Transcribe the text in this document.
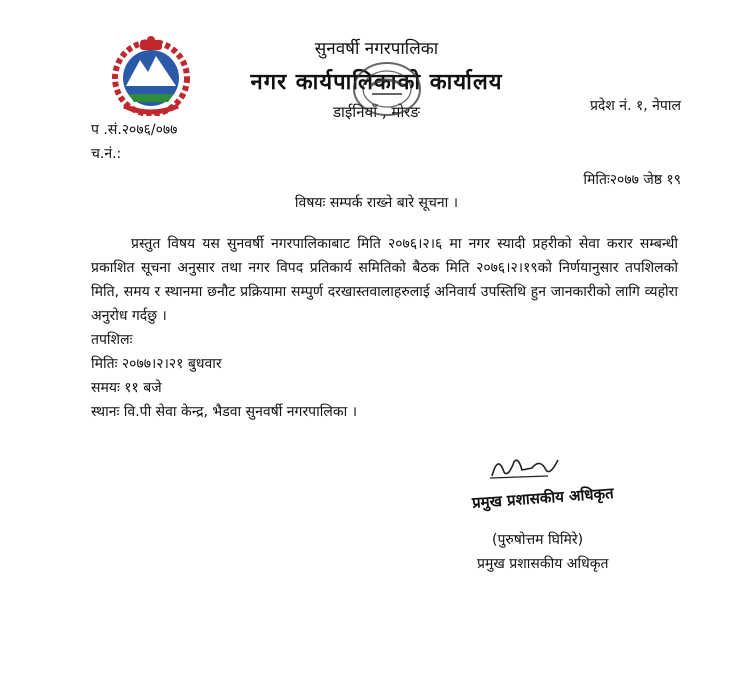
सुनवर्षी नगरपालिका
नगर कार्यपालिकाको कार्यालय
डाईनियाँ , मोरङ	प्रदेश नं. १, नेपाल
प .सं.२०७६/०७७
च.नं.:
मितिः२०७७ जेष्ठ १९
विषयः सम्पर्क राख्ने बारे सूचना ।
प्रस्तुत विषय यस सुनवर्षी नगरपालिकाबाट मिति २०७६।२।६ मा नगर स्यादी प्रहरीको सेवा करार सम्बन्धी प्रकाशित सूचना अनुसार तथा नगर विपद प्रतिकार्य समितिको बैठक मिति २०७६।२।१९को निर्णयानुसार तपशिलको मिति, समय र स्थानमा छनौट प्रक्रियामा सम्पुर्ण दरखास्तवालाहरुलाई अनिवार्य उपस्तिथि हुन जानकारीको लागि व्यहोरा अनुरोध गर्दछु ।
तपशिलः
मितिः २०७७।२।२१ बुधवार
समयः ११ बजे
स्थानः वि.पी सेवा केन्द्र, भैडवा सुनवर्षी नगरपालिका ।
प्रमुख प्रशासकीय अधिकृत
(पुरुषोत्तम घिमिरे)
प्रमुख प्रशासकीय अधिकृत
